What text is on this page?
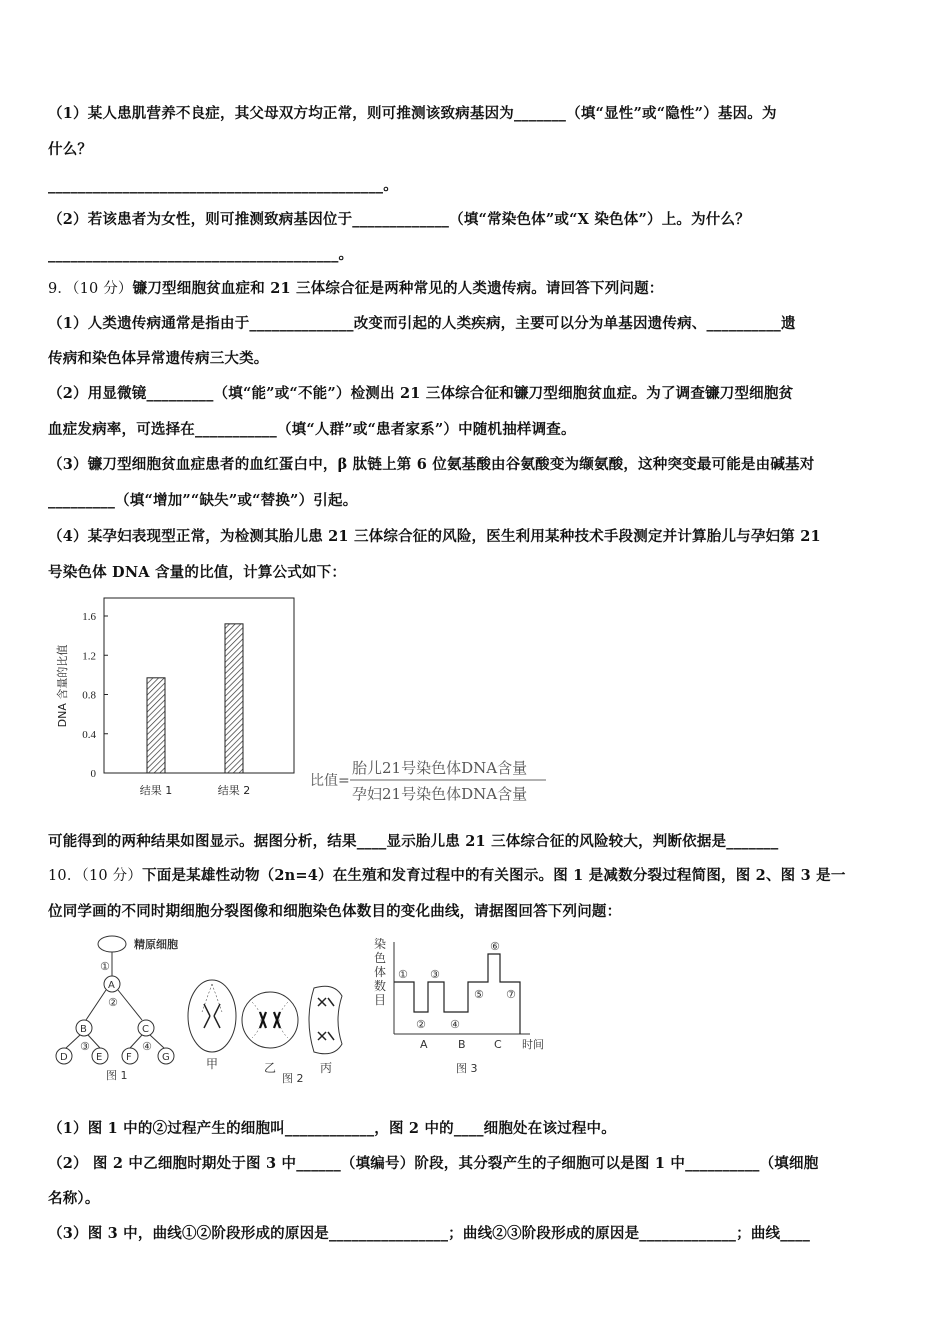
（1）某人患肌营养不良症，其父母双方均正常，则可推测该致病基因为_______（填“显性”或“隐性”）基因。为
什么？
_____________________________________________。
（2）若该患者为女性，则可推测致病基因位于_____________（填“常染色体”或“X 染色体”）上。为什么？
_______________________________________。
9．（10 分）镰刀型细胞贫血症和 21 三体综合征是两种常见的人类遗传病。请回答下列问题：
（1）人类遗传病通常是指由于______________改变而引起的人类疾病，主要可以分为单基因遗传病、__________遗
传病和染色体异常遗传病三大类。
（2）用显微镜_________（填“能”或“不能”）检测出 21 三体综合征和镰刀型细胞贫血症。为了调查镰刀型细胞贫
血症发病率，可选择在___________（填“人群”或“患者家系”）中随机抽样调查。
（3）镰刀型细胞贫血症患者的血红蛋白中，β 肽链上第 6 位氨基酸由谷氨酸变为缬氨酸，这种突变最可能是由碱基对
_________（填“增加”“缺失”或“替换”）引起。
（4）某孕妇表现型正常，为检测其胎儿患 21 三体综合征的风险，医生利用某种技术手段测定并计算胎儿与孕妇第 21
号染色体 DNA 含量的比值，计算公式如下：
0
0.4
0.8
1.2
1.6
结果 1	结果 2
DNA 含量的比值
比值=
胎儿21号染色体DNA含量
孕妇21号染色体DNA含量
可能得到的两种结果如图显示。据图分析，结果____显示胎儿患 21 三体综合征的风险较大，判断依据是_______
10．（10 分）下面是某雄性动物（2n=4）在生殖和发育过程中的有关图示。图 1 是减数分裂过程简图，图 2、图 3 是一
位同学画的不同时期细胞分裂图像和细胞染色体数目的变化曲线，请据图回答下列问题：
精原细胞
①
A
②
B	C
③	④
D	E F	G
图 1
甲	乙	丙
图 2
染
色
体
数
目
①
②
③
④
⑤
⑥
⑦
A	B	C 时间
图 3
（1）图 1 中的②过程产生的细胞叫____________，图 2 中的____细胞处在该过程中。
（2） 图 2 中乙细胞时期处于图 3 中______（填编号）阶段，其分裂产生的子细胞可以是图 1 中__________（填细胞
名称）。
（3）图 3 中，曲线①②阶段形成的原因是________________；曲线②③阶段形成的原因是_____________；曲线____
